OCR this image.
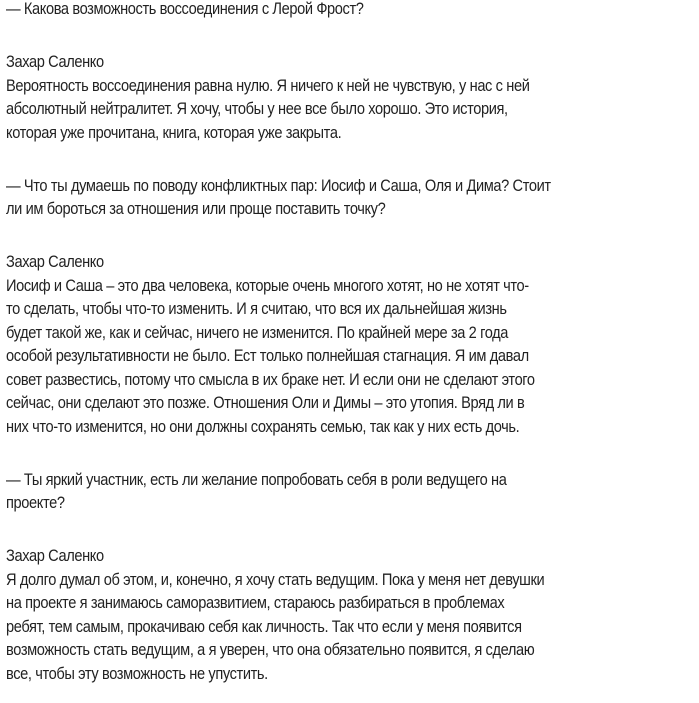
— Какова возможность воссоединения с Лерой Фрост?
Захар Саленко
Вероятность воссоединения равна нулю. Я ничего к ней не чувствую, у нас с ней
абсолютный нейтралитет. Я хочу, чтобы у нее все было хорошо. Это история,
которая уже прочитана, книга, которая уже закрыта.
— Что ты думаешь по поводу конфликтных пар: Иосиф и Саша, Оля и Дима? Стоит
ли им бороться за отношения или проще поставить точку?
Захар Саленко
Иосиф и Саша – это два человека, которые очень многого хотят, но не хотят что-
то сделать, чтобы что-то изменить. И я считаю, что вся их дальнейшая жизнь
будет такой же, как и сейчас, ничего не изменится. По крайней мере за 2 года
особой результативности не было. Ест только полнейшая стагнация. Я им давал
совет развестись, потому что смысла в их браке нет. И если они не сделают этого
сейчас, они сделают это позже. Отношения Оли и Димы – это утопия. Вряд ли в
них что-то изменится, но они должны сохранять семью, так как у них есть дочь.
— Ты яркий участник, есть ли желание попробовать себя в роли ведущего на
проекте?
Захар Саленко
Я долго думал об этом, и, конечно, я хочу стать ведущим. Пока у меня нет девушки
на проекте я занимаюсь саморазвитием, стараюсь разбираться в проблемах
ребят, тем самым, прокачиваю себя как личность. Так что если у меня появится
возможность стать ведущим, а я уверен, что она обязательно появится, я сделаю
все, чтобы эту возможность не упустить.
